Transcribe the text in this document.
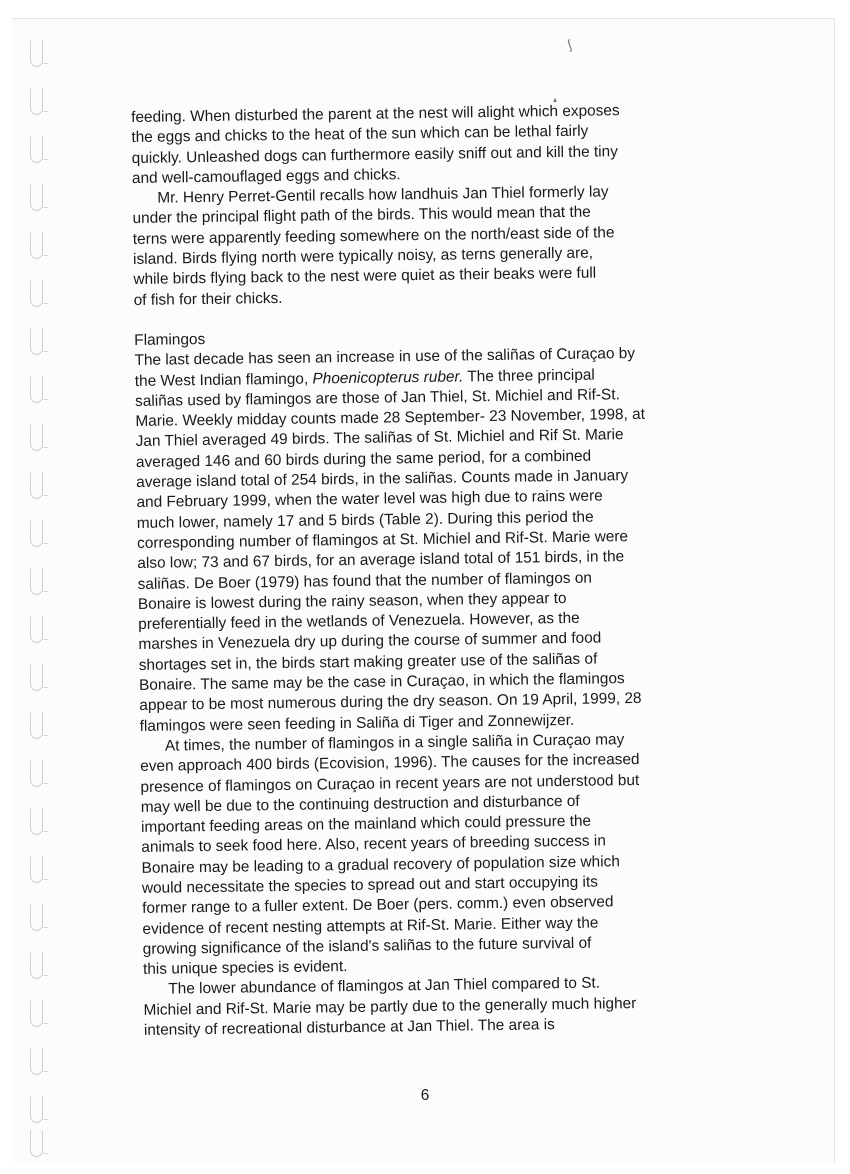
ʃ
▴
feeding. When disturbed the parent at the nest will alight which exposes
the eggs and chicks to the heat of the sun which can be lethal fairly
quickly. Unleashed dogs can furthermore easily sniff out and kill the tiny
and well-camouflaged eggs and chicks.
Mr. Henry Perret-Gentil recalls how landhuis Jan Thiel formerly lay
under the principal flight path of the birds. This would mean that the
terns were apparently feeding somewhere on the north/east side of the
island. Birds flying north were typically noisy, as terns generally are,
while birds flying back to the nest were quiet as their beaks were full
of fish for their chicks.
Flamingos
The last decade has seen an increase in use of the saliñas of Curaçao by
the West Indian flamingo, Phoenicopterus ruber. The three principal
saliñas used by flamingos are those of Jan Thiel, St. Michiel and Rif-St.
Marie. Weekly midday counts made 28 September- 23 November, 1998, at
Jan Thiel averaged 49 birds. The saliñas of St. Michiel and Rif St. Marie
averaged 146 and 60 birds during the same period, for a combined
average island total of 254 birds, in the saliñas. Counts made in January
and February 1999, when the water level was high due to rains were
much lower, namely 17 and 5 birds (Table 2). During this period the
corresponding number of flamingos at St. Michiel and Rif-St. Marie were
also low; 73 and 67 birds, for an average island total of 151 birds, in the
saliñas. De Boer (1979) has found that the number of flamingos on
Bonaire is lowest during the rainy season, when they appear to
preferentially feed in the wetlands of Venezuela. However, as the
marshes in Venezuela dry up during the course of summer and food
shortages set in, the birds start making greater use of the saliñas of
Bonaire. The same may be the case in Curaçao, in which the flamingos
appear to be most numerous during the dry season. On 19 April, 1999, 28
flamingos were seen feeding in Saliña di Tiger and Zonnewijzer.
At times, the number of flamingos in a single saliña in Curaçao may
even approach 400 birds (Ecovision, 1996). The causes for the increased
presence of flamingos on Curaçao in recent years are not understood but
may well be due to the continuing destruction and disturbance of
important feeding areas on the mainland which could pressure the
animals to seek food here. Also, recent years of breeding success in
Bonaire may be leading to a gradual recovery of population size which
would necessitate the species to spread out and start occupying its
former range to a fuller extent. De Boer (pers. comm.) even observed
evidence of recent nesting attempts at Rif-St. Marie. Either way the
growing significance of the island's saliñas to the future survival of
this unique species is evident.
The lower abundance of flamingos at Jan Thiel compared to St.
Michiel and Rif-St. Marie may be partly due to the generally much higher
intensity of recreational disturbance at Jan Thiel. The area is
6
